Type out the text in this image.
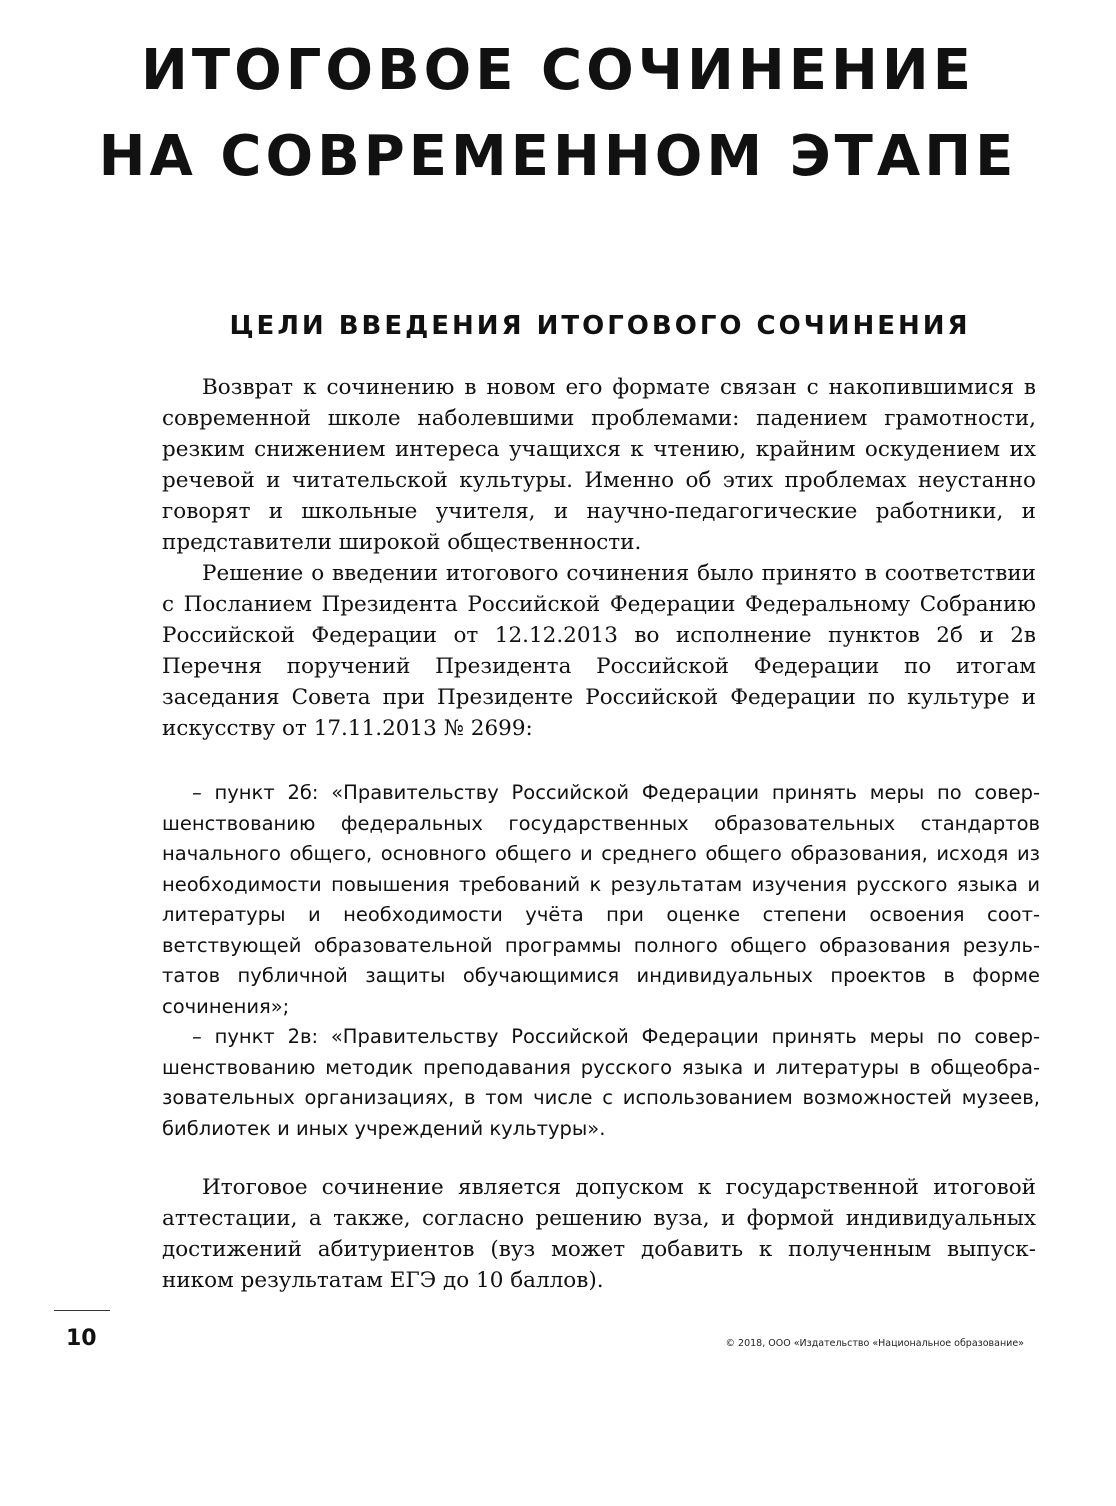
ИТОГОВОЕ СОЧИНЕНИЕ
НА СОВРЕМЕННОМ ЭТАПЕ
ЦЕЛИ ВВЕДЕНИЯ ИТОГОВОГО СОЧИНЕНИЯ

Возврат к сочинению в новом его формате связан с накопившимися в современной школе наболевшими проблемами: падением грамотности, резким снижением интереса учащихся к чтению, крайним оскудением их речевой и читательской культуры. Именно об этих проблемах неустанно говорят и школьные учителя, и научно-педагогические работники, и представители широкой общественности.

Решение о введении итогового сочинения было принято в соответствии с Посланием Президента Российской Федерации Федеральному Собранию Российской Федерации от 12.12.2013 во исполнение пунктов 2б и 2в Перечня поручений Президента Российской Федерации по итогам заседания Совета при Президенте Российской Федерации по культуре и искусству от 17.11.2013 № 2699:

– пункт 2б: «Правительству Российской Федерации принять меры по совершенствованию федеральных государственных образовательных стандартов начального общего, основного общего и среднего общего образования, исходя из необходимости повышения требований к результатам изучения русского языка и литературы и необходимости учёта при оценке степени освоения соответствующей образовательной программы полного общего образования результатов публичной защиты обучающимися индивидуальных проектов в форме сочинения»;

– пункт 2в: «Правительству Российской Федерации принять меры по совершенствованию методик преподавания русского языка и литературы в общеобразовательных организациях, в том числе с использованием возможностей музеев, библиотек и иных учреждений культуры».

Итоговое сочинение является допуском к государственной итоговой аттестации, а также, согласно решению вуза, и формой индивидуальных достижений абитуриентов (вуз может добавить к полученным выпускником результатам ЕГЭ до 10 баллов).

10	© 2018, ООО «Издательство «Национальное образование»
